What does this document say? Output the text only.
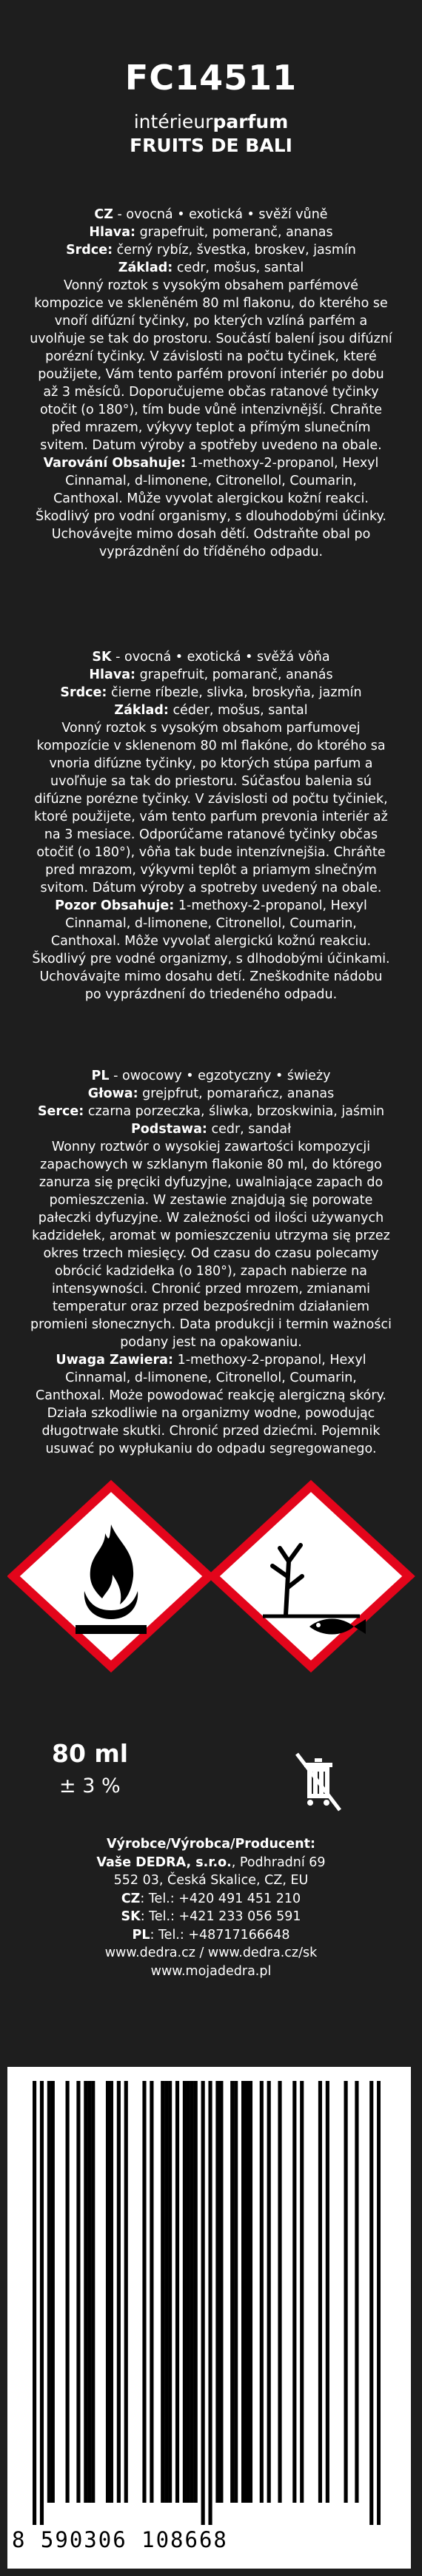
FC14511
intérieurparfum
FRUITS DE BALI
CZ - ovocná • exotická • svěží vůně
Hlava: grapefruit, pomeranč, ananas
Srdce: černý rybíz, švestka, broskev, jasmín
Základ: cedr, mošus, santal
Vonný roztok s vysokým obsahem parfémové kompozice ve skleněném 80 ml flakonu, do kterého se vnoří difúzní tyčinky, po kterých vzlíná parfém a uvolňuje se tak do prostoru. Součástí balení jsou difúzní porézní tyčinky. V závislosti na počtu tyčinek, které použijete, Vám tento parfém provoní interiér po dobu až 3 měsíců. Doporučujeme občas ratanové tyčinky otočit (o 180°), tím bude vůně intenzivnější. Chraňte před mrazem, výkyvy teplot a přímým slunečním svitem. Datum výroby a spotřeby uvedeno na obale. Varování Obsahuje: 1-methoxy-2-propanol, Hexyl Cinnamal, d-limonene, Citronellol, Coumarin, Canthoxal. Může vyvolat alergickou kožní reakci. Škodlivý pro vodní organismy, s dlouhodobými účinky. Uchovávejte mimo dosah dětí. Odstraňte obal po vyprázdnění do tříděného odpadu.
SK - ovocná • exotická • svěžá vôňa
Hlava: grapefruit, pomaranč, ananás
Srdce: čierne ríbezle, slivka, broskyňa, jazmín
Základ: céder, mošus, santal
Vonný roztok s vysokým obsahom parfumovej kompozície v sklenenom 80 ml flakóne, do ktorého sa vnoria difúzne tyčinky, po ktorých stúpa parfum a uvoľňuje sa tak do priestoru. Súčasťou balenia sú difúzne porézne tyčinky. V závislosti od počtu tyčiniek, ktoré použijete, vám tento parfum prevonia interiér až na 3 mesiace. Odporúčame ratanové tyčinky občas otočiť (o 180°), vôňa tak bude intenzívnejšia. Chráňte pred mrazom, výkyvmi teplôt a priamym slnečným svitom. Dátum výroby a spotreby uvedený na obale. Pozor Obsahuje: 1-methoxy-2-propanol, Hexyl Cinnamal, d-limonene, Citronellol, Coumarin, Canthoxal. Môže vyvolať alergickú kožnú reakciu. Škodlivý pre vodné organizmy, s dlhodobými účinkami. Uchovávajte mimo dosahu detí. Zneškodnite nádobu po vyprázdnení do triedeného odpadu.
PL - owocowy • egzotyczny • świeży
Głowa: grejpfrut, pomarańcz, ananas
Serce: czarna porzeczka, śliwka, brzoskwinia, jaśmin
Podstawa: cedr, sandał
Wonny roztwór o wysokiej zawartości kompozycji zapachowych w szklanym flakonie 80 ml, do którego zanurza się pręciki dyfuzyjne, uwalniające zapach do pomieszczenia. W zestawie znajdują się porowate pałeczki dyfuzyjne. W zależności od ilości używanych kadzidełek, aromat w pomieszczeniu utrzyma się przez okres trzech miesięcy. Od czasu do czasu polecamy obrócić kadzidełka (o 180°), zapach nabierze na intensywności. Chronić przed mrozem, zmianami temperatur oraz przed bezpośrednim działaniem promieni słonecznych. Data produkcji i termin ważności podany jest na opakowaniu.
Uwaga Zawiera: 1-methoxy-2-propanol, Hexyl Cinnamal, d-limonene, Citronellol, Coumarin, Canthoxal. Może powodować reakcję alergiczną skóry. Działa szkodliwie na organizmy wodne, powodując długotrwałe skutki. Chronić przed dziećmi. Pojemnik usuwać po wypłukaniu do odpadu segregowanego.
80 ml
± 3 %
Výrobce/Výrobca/Producent:
Vaše DEDRA, s.r.o., Podhradní 69
552 03, Česká Skalice, CZ, EU
CZ: Tel.: +420 491 451 210
SK: Tel.: +421 233 056 591
PL: Tel.: +48717166648
www.dedra.cz / www.dedra.cz/sk
www.mojadedra.pl
8 590306 108668
